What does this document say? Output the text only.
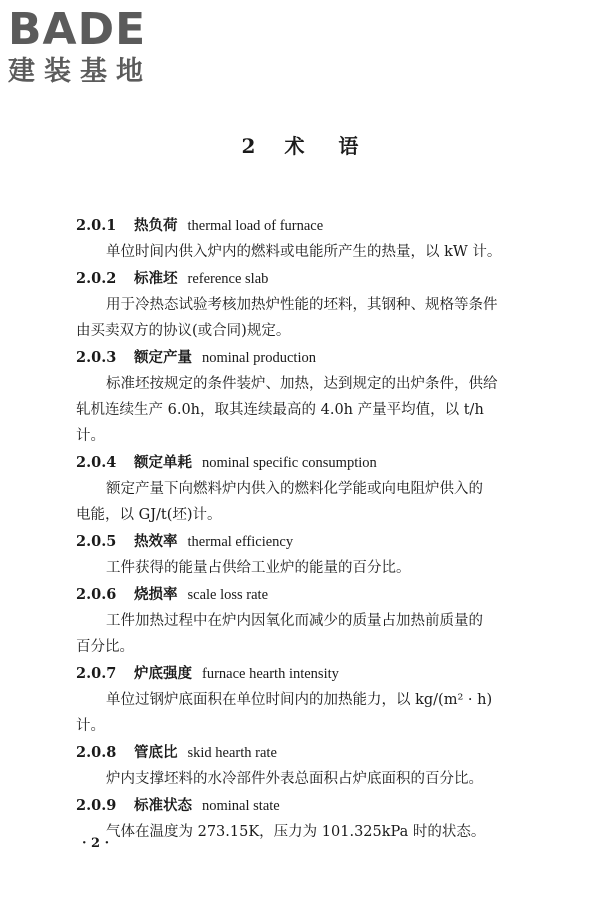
BADE
建装基地
2 术语
2.0.1 热负荷 thermal load of furnace
单位时间内供入炉内的燃料或电能所产生的热量，以 kW 计。
2.0.2 标准坯 reference slab
用于冷热态试验考核加热炉性能的坯料，其钢种、规格等条件
由买卖双方的协议(或合同)规定。
2.0.3 额定产量 nominal production
标准坯按规定的条件装炉、加热，达到规定的出炉条件，供给
轧机连续生产 6.0h，取其连续最高的 4.0h 产量平均值，以 t/h
计。
2.0.4 额定单耗 nominal specific consumption
额定产量下向燃料炉内供入的燃料化学能或向电阻炉供入的
电能，以 GJ/t(坯)计。
2.0.5 热效率 thermal efficiency
工件获得的能量占供给工业炉的能量的百分比。
2.0.6 烧损率 scale loss rate
工件加热过程中在炉内因氧化而减少的质量占加热前质量的
百分比。
2.0.7 炉底强度 furnace hearth intensity
单位过钢炉底面积在单位时间内的加热能力，以 kg/(m² · h)
计。
2.0.8 管底比 skid hearth rate
炉内支撑坯料的水冷部件外表总面积占炉底面积的百分比。
2.0.9 标准状态 nominal state
气体在温度为 273.15K，压力为 101.325kPa 时的状态。
· 2 ·
